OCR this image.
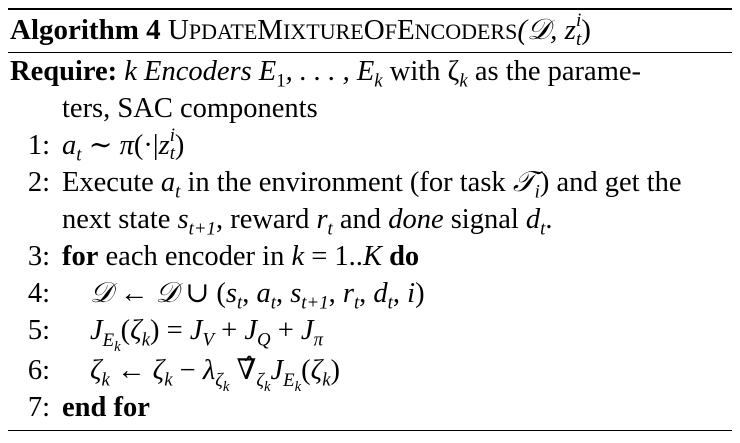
Algorithm 4 UPDATEMIXTUREOFENCODERS(𝒟, z i
t )
Require: k Encoders $E_1$, . . . , $E_k$ with $\zeta_k$ as the parame-
ters, SAC components
1: $a_t$ ∼ π(·|z i
t )
2: Execute $a_t$ in the environment (for task 𝒯$_i$) and get the
next state $s_{t+1}$, reward $r_t$ and done signal $d_t$.
3: for each encoder in k = 1..K do
4: 𝒟 ← 𝒟 ∪ ($s_t$, $a_t$, $s_{t+1}$, $r_t$, $d_t$, i)
5: $J_{E_k}(\zeta_k) = J_V + J_Q + J_\pi$
6: $\zeta_k$ ← $\zeta_k - \lambda_{\zeta_k}$ $\nablâ_{\zeta_k}J_{E_k}(\zeta_k)$
7: end for
